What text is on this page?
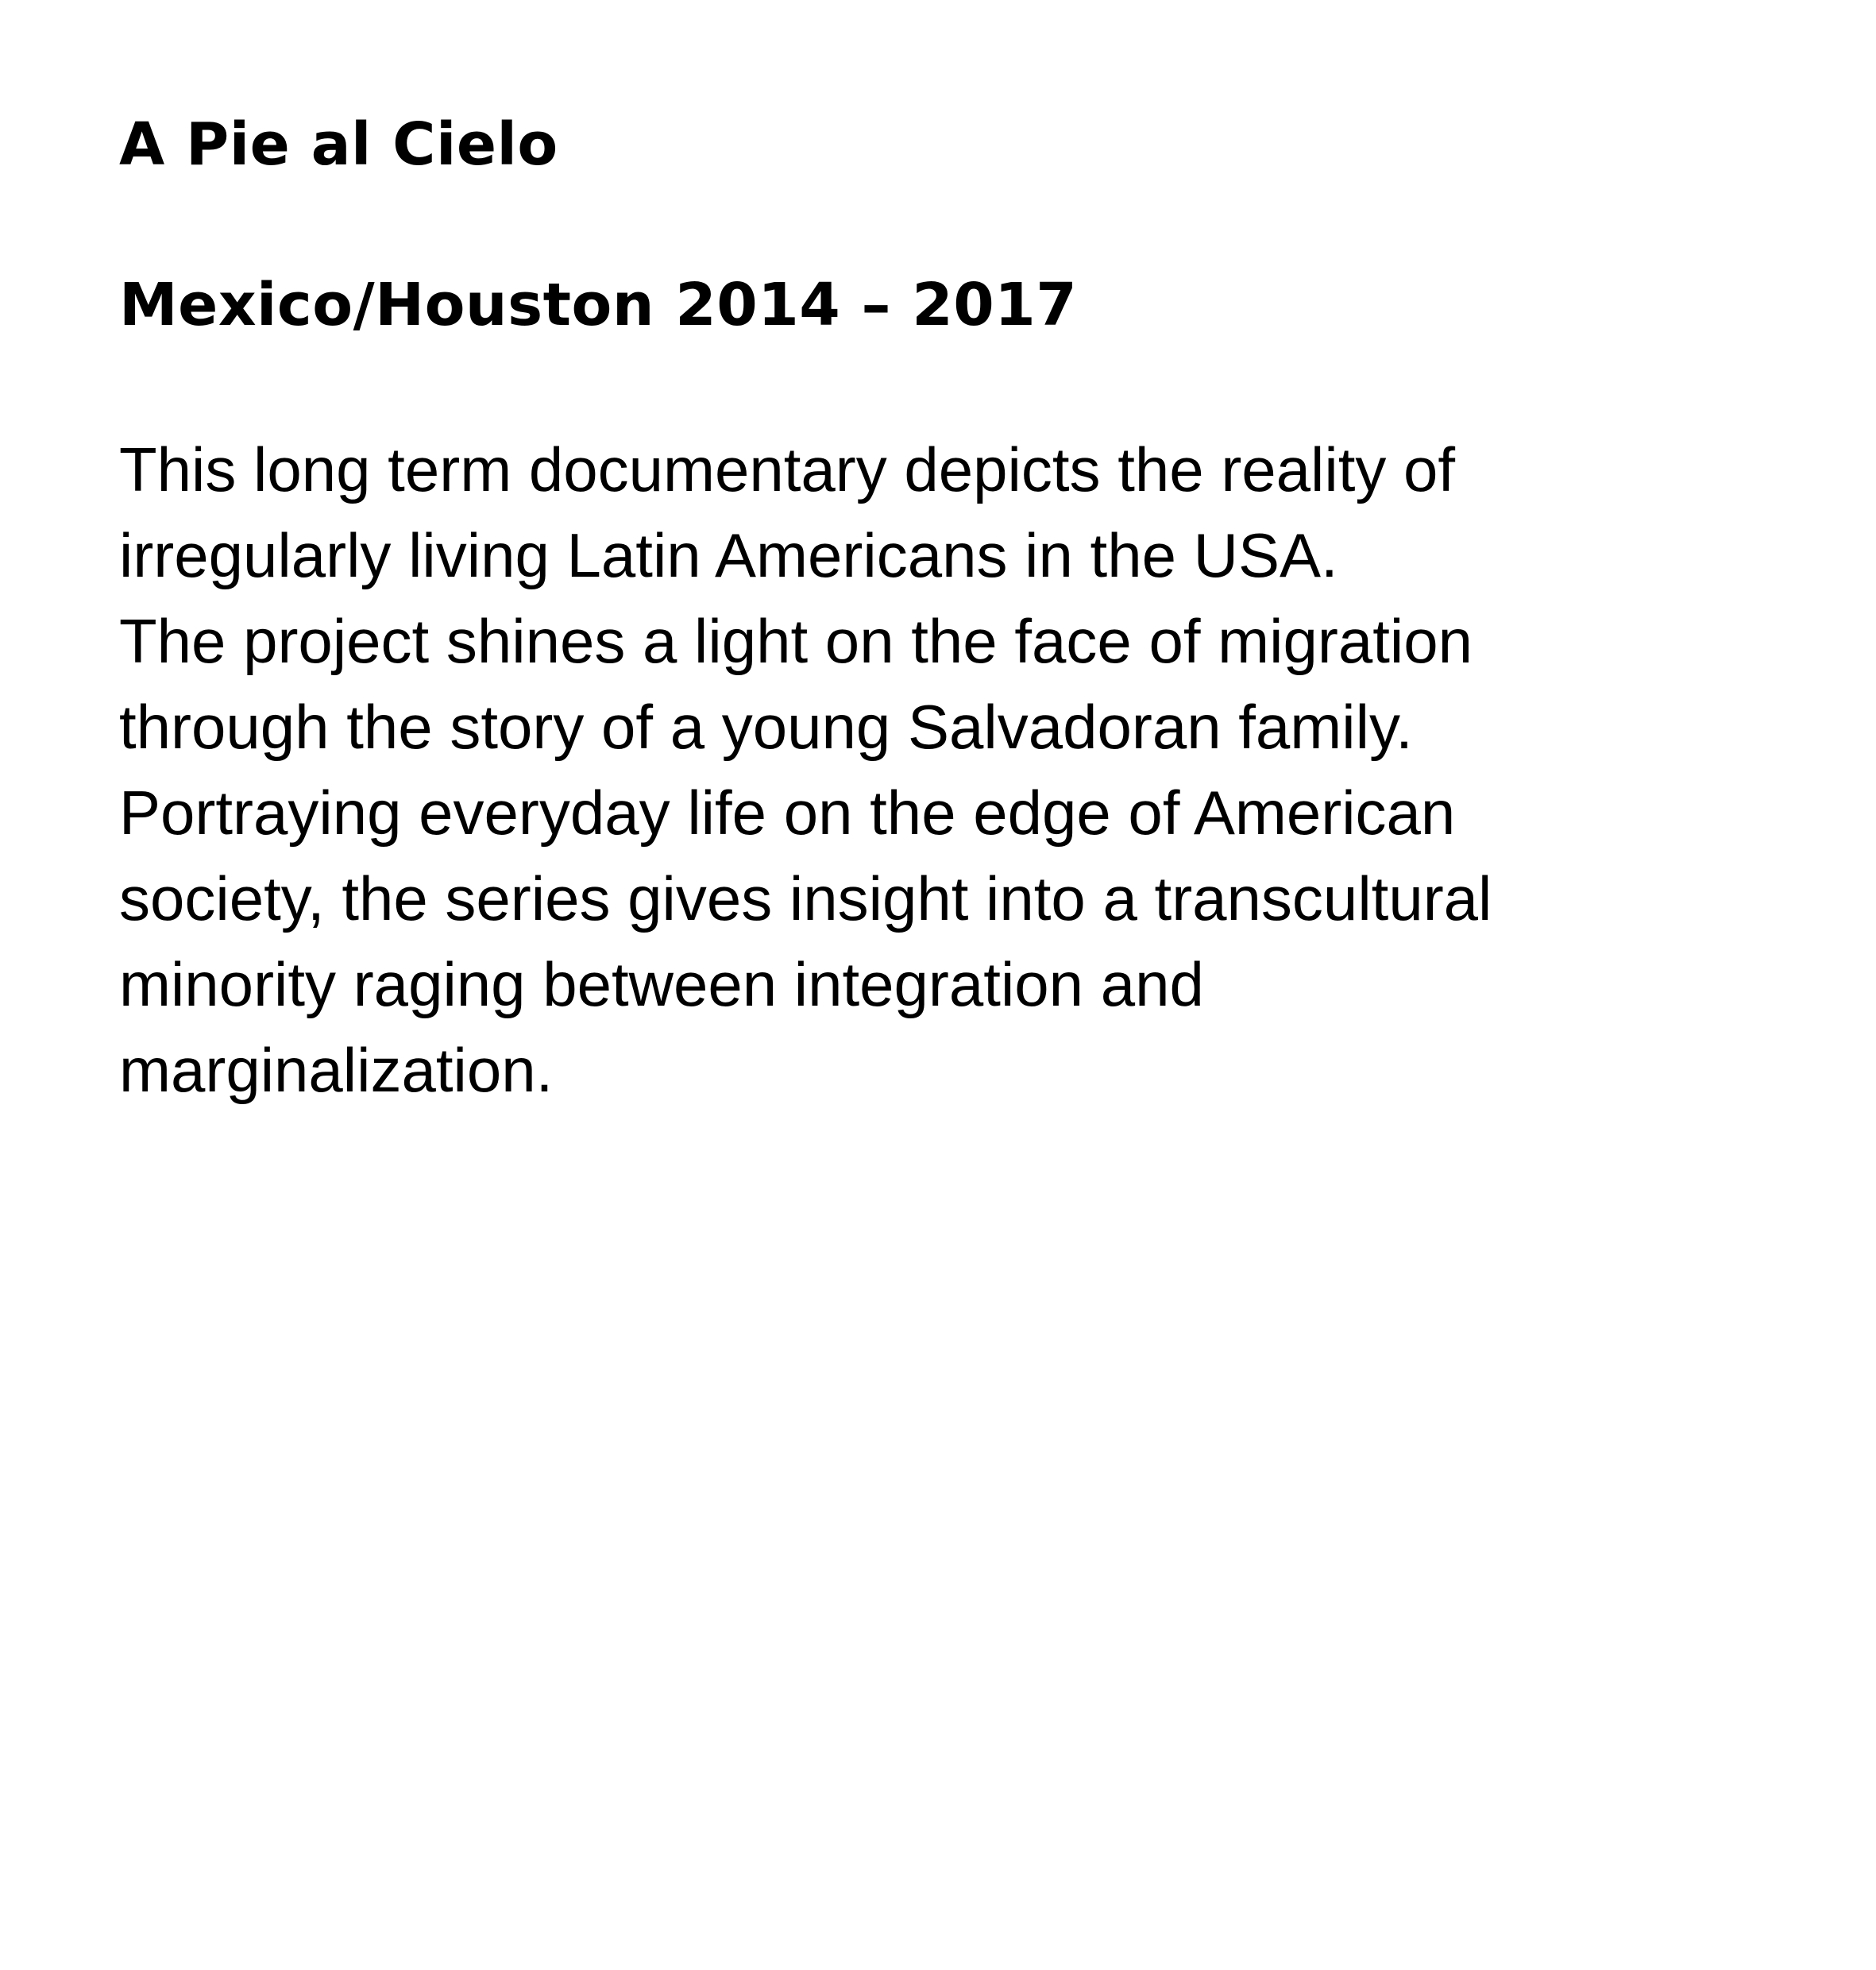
A Pie al Cielo
Mexico/Houston 2014 – 2017

This long term documentary depicts the reality of
irregularly living Latin Americans in the USA.
The project shines a light on the face of migration
through the story of a young Salvadoran family.
Portraying everyday life on the edge of American
society, the series gives insight into a transcultural
minority raging between integration and
marginalization.
